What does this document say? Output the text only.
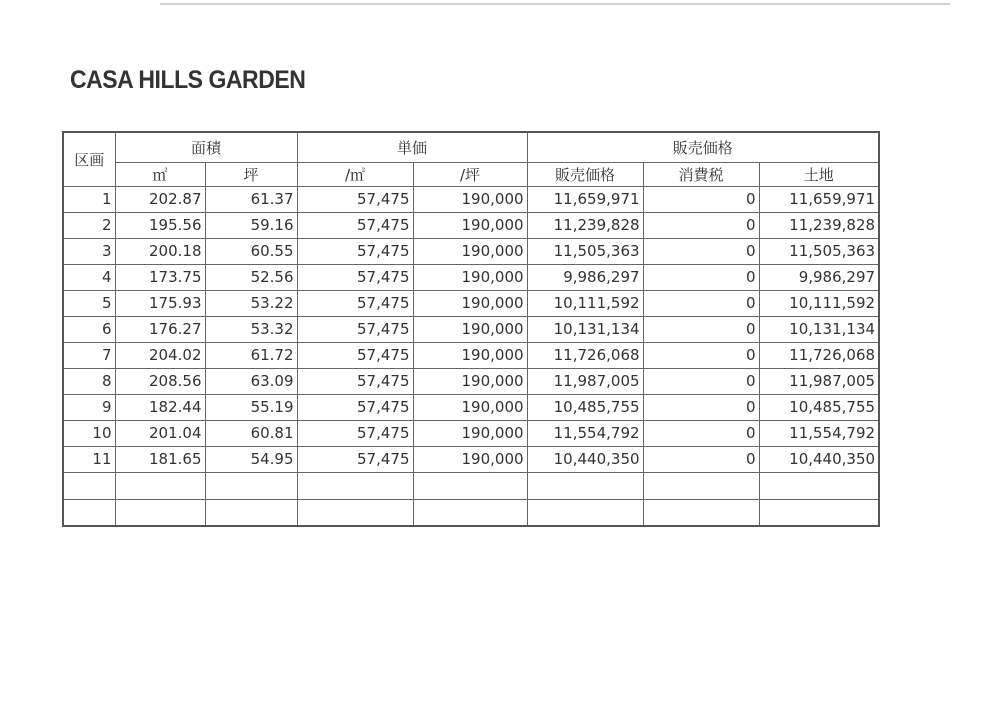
CASA HILLS GARDEN
区画	面積		単価		販売価格		
	㎡	坪	/㎡	/坪	販売価格	消費税	土地
1	202.87	61.37	57,475	190,000	11,659,971	0	11,659,971
2	195.56	59.16	57,475	190,000	11,239,828	0	11,239,828
3	200.18	60.55	57,475	190,000	11,505,363	0	11,505,363
4	173.75	52.56	57,475	190,000	9,986,297	0	9,986,297
5	175.93	53.22	57,475	190,000	10,111,592	0	10,111,592
6	176.27	53.32	57,475	190,000	10,131,134	0	10,131,134
7	204.02	61.72	57,475	190,000	11,726,068	0	11,726,068
8	208.56	63.09	57,475	190,000	11,987,005	0	11,987,005
9	182.44	55.19	57,475	190,000	10,485,755	0	10,485,755
10	201.04	60.81	57,475	190,000	11,554,792	0	11,554,792
11	181.65	54.95	57,475	190,000	10,440,350	0	10,440,350
